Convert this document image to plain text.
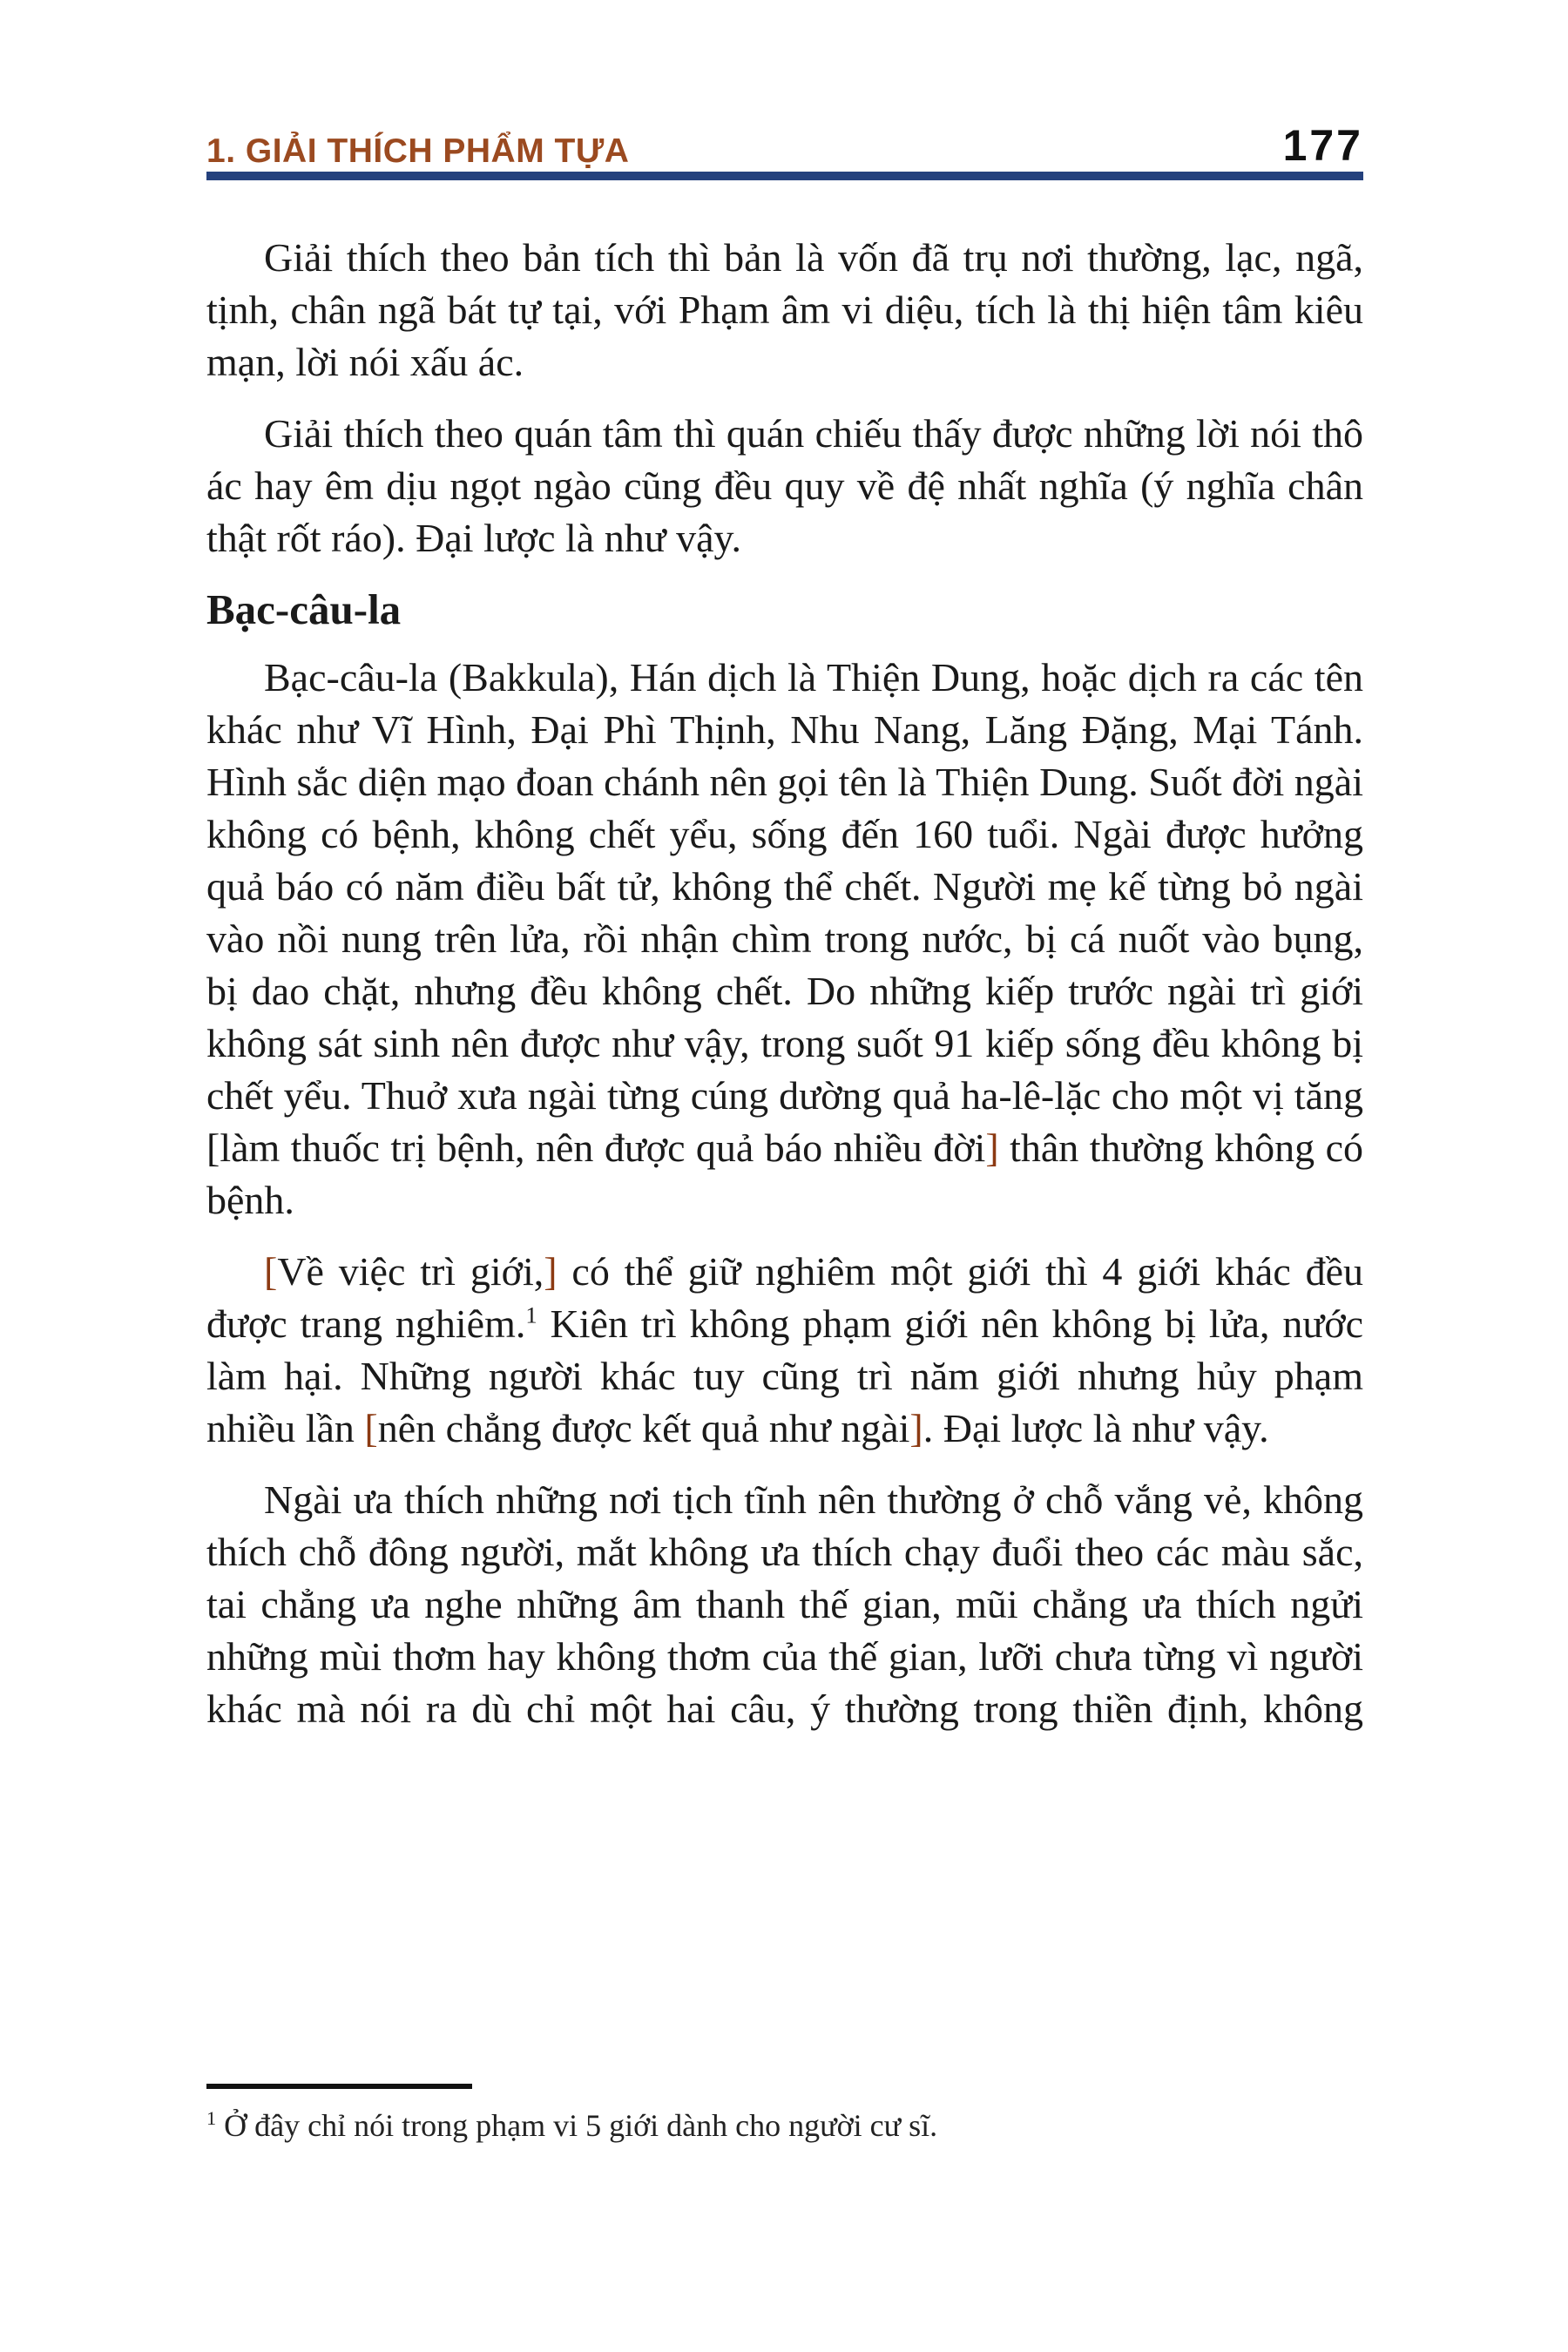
1. GIẢI THÍCH PHẨM TỰA	177

Giải thích theo bản tích thì bản là vốn đã trụ nơi thường, lạc, ngã, tịnh, chân ngã bát tự tại, với Phạm âm vi diệu, tích là thị hiện tâm kiêu mạn, lời nói xấu ác.

Giải thích theo quán tâm thì quán chiếu thấy được những lời nói thô ác hay êm dịu ngọt ngào cũng đều quy về đệ nhất nghĩa (ý nghĩa chân thật rốt ráo). Đại lược là như vậy.

Bạc-câu-la

Bạc-câu-la (Bakkula), Hán dịch là Thiện Dung, hoặc dịch ra các tên khác như Vĩ Hình, Đại Phì Thịnh, Nhu Nang, Lăng Đặng, Mại Tánh. Hình sắc diện mạo đoan chánh nên gọi tên là Thiện Dung. Suốt đời ngài không có bệnh, không chết yểu, sống đến 160 tuổi. Ngài được hưởng quả báo có năm điều bất tử, không thể chết. Người mẹ kế từng bỏ ngài vào nồi nung trên lửa, rồi nhận chìm trong nước, bị cá nuốt vào bụng, bị dao chặt, nhưng đều không chết. Do những kiếp trước ngài trì giới không sát sinh nên được như vậy, trong suốt 91 kiếp sống đều không bị chết yểu. Thuở xưa ngài từng cúng dường quả ha-lê-lặc cho một vị tăng [làm thuốc trị bệnh, nên được quả báo nhiều đời] thân thường không có bệnh.

[Về việc trì giới,] có thể giữ nghiêm một giới thì 4 giới khác đều được trang nghiêm.$^1$ Kiên trì không phạm giới nên không bị lửa, nước làm hại. Những người khác tuy cũng trì năm giới nhưng hủy phạm nhiều lần [nên chẳng được kết quả như ngài]. Đại lược là như vậy.

Ngài ưa thích những nơi tịch tĩnh nên thường ở chỗ vắng vẻ, không thích chỗ đông người, mắt không ưa thích chạy đuổi theo các màu sắc, tai chẳng ưa nghe những âm thanh thế gian, mũi chẳng ưa thích ngửi những mùi thơm hay không thơm của thế gian, lưỡi chưa từng vì người khác mà nói ra dù chỉ một hai câu, ý thường trong thiền định, không

$^1$ Ở đây chỉ nói trong phạm vi 5 giới dành cho người cư sĩ.
